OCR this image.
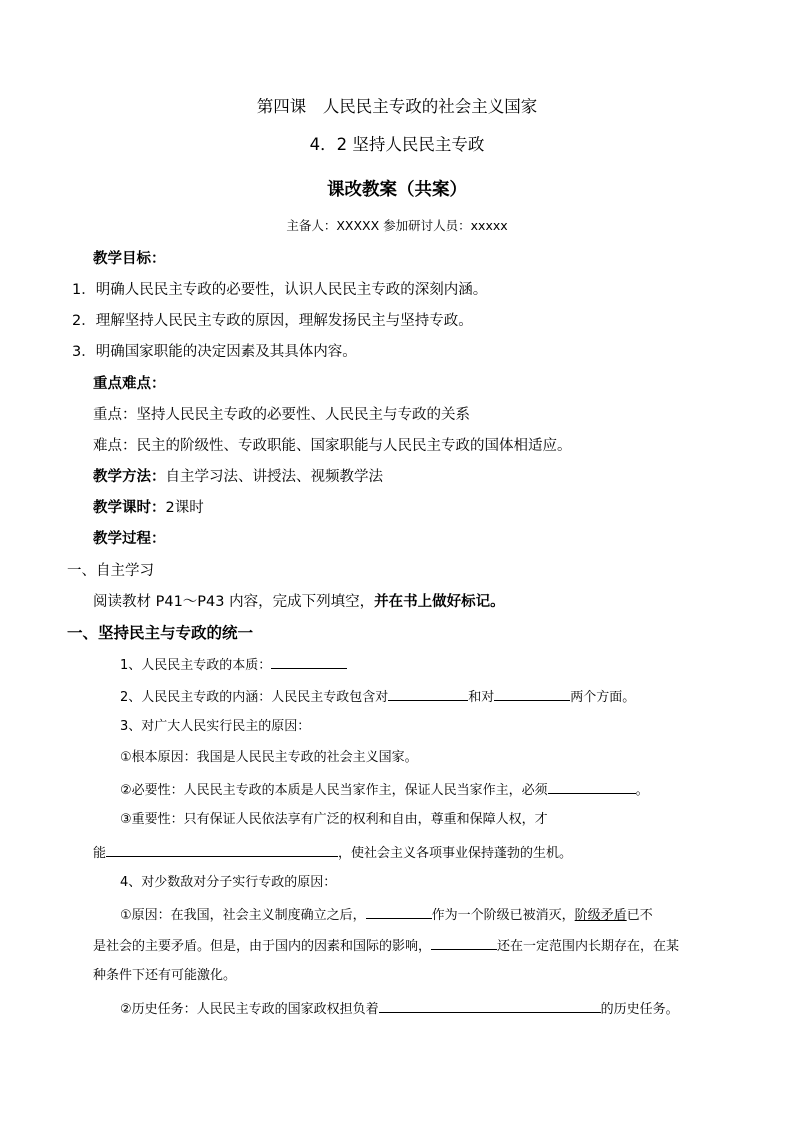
第四课　人民民主专政的社会主义国家
4．2 坚持人民民主专政
课改教案（共案）
主备人：XXXXX 参加研讨人员：xxxxx
教学目标：
1．明确人民民主专政的必要性，认识人民民主专政的深刻内涵。
2．理解坚持人民民主专政的原因，理解发扬民主与坚持专政。
3．明确国家职能的决定因素及其具体内容。
重点难点：
重点：坚持人民民主专政的必要性、人民民主与专政的关系
难点：民主的阶级性、专政职能、国家职能与人民民主专政的国体相适应。
教学方法：自主学习法、讲授法、视频教学法
教学课时：2课时
教学过程：
一、自主学习
阅读教材 P41～P43 内容，完成下列填空，并在书上做好标记。
一、坚持民主与专政的统一
1、人民民主专政的本质：
2、人民民主专政的内涵：人民民主专政包含对	和对	两个方面。
3、对广大人民实行民主的原因：
①根本原因：我国是人民民主专政的社会主义国家。
②必要性：人民民主专政的本质是人民当家作主，保证人民当家作主，必须	。
③重要性：只有保证人民依法享有广泛的权利和自由，尊重和保障人权，才
能	，使社会主义各项事业保持蓬勃的生机。
4、对少数敌对分子实行专政的原因：
①原因：在我国，社会主义制度确立之后，	作为一个阶级已被消灭，阶级矛盾已不
是社会的主要矛盾。但是，由于国内的因素和国际的影响，	还在一定范围内长期存在，在某
种条件下还有可能激化。
②历史任务：人民民主专政的国家政权担负着	的历史任务。
